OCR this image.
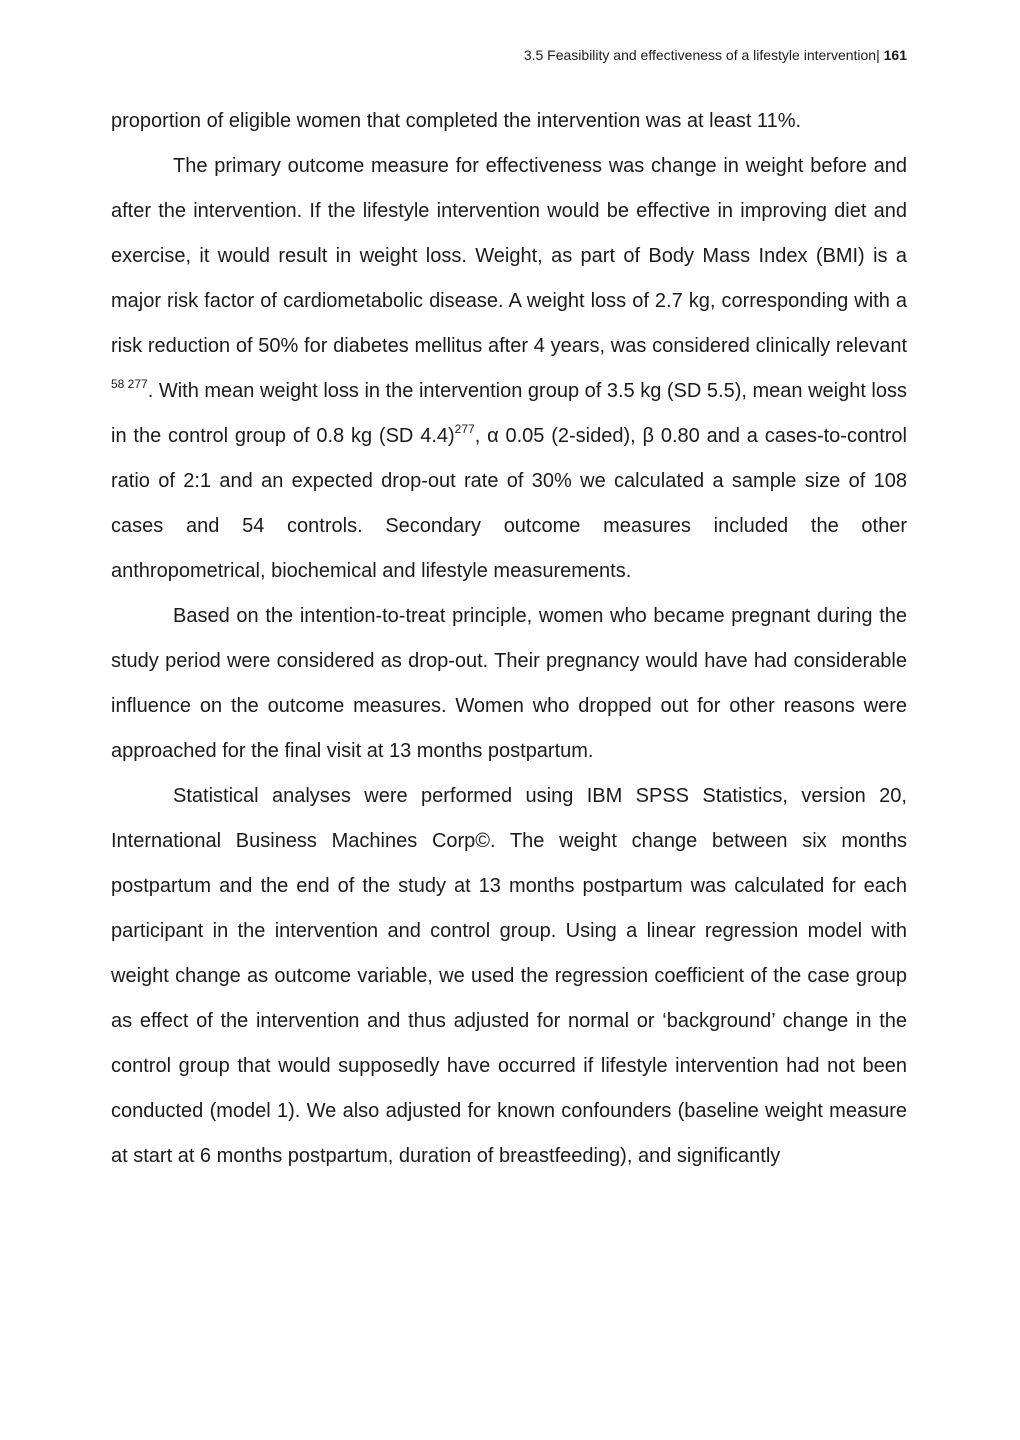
3.5 Feasibility and effectiveness of a lifestyle intervention| 161

proportion of eligible women that completed the intervention was at least 11%.

The primary outcome measure for effectiveness was change in weight before and after the intervention. If the lifestyle intervention would be effective in improving diet and exercise, it would result in weight loss. Weight, as part of Body Mass Index (BMI) is a major risk factor of cardiometabolic disease. A weight loss of 2.7 kg, corresponding with a risk reduction of 50% for diabetes mellitus after 4 years, was considered clinically relevant $^{58 277}$. With mean weight loss in the intervention group of 3.5 kg (SD 5.5), mean weight loss in the control group of 0.8 kg (SD 4.4)$^{277}$, α 0.05 (2-sided), β 0.80 and a cases-to-control ratio of 2:1 and an expected drop-out rate of 30% we calculated a sample size of 108 cases and 54 controls. Secondary outcome measures included the other anthropometrical, biochemical and lifestyle measurements.

Based on the intention-to-treat principle, women who became pregnant during the study period were considered as drop-out. Their pregnancy would have had considerable influence on the outcome measures. Women who dropped out for other reasons were approached for the final visit at 13 months postpartum.

Statistical analyses were performed using IBM SPSS Statistics, version 20, International Business Machines Corp©. The weight change between six months postpartum and the end of the study at 13 months postpartum was calculated for each participant in the intervention and control group. Using a linear regression model with weight change as outcome variable, we used the regression coefficient of the case group as effect of the intervention and thus adjusted for normal or ‘background’ change in the control group that would supposedly have occurred if lifestyle intervention had not been conducted (model 1). We also adjusted for known confounders (baseline weight measure at start at 6 months postpartum, duration of breastfeeding), and significantly
